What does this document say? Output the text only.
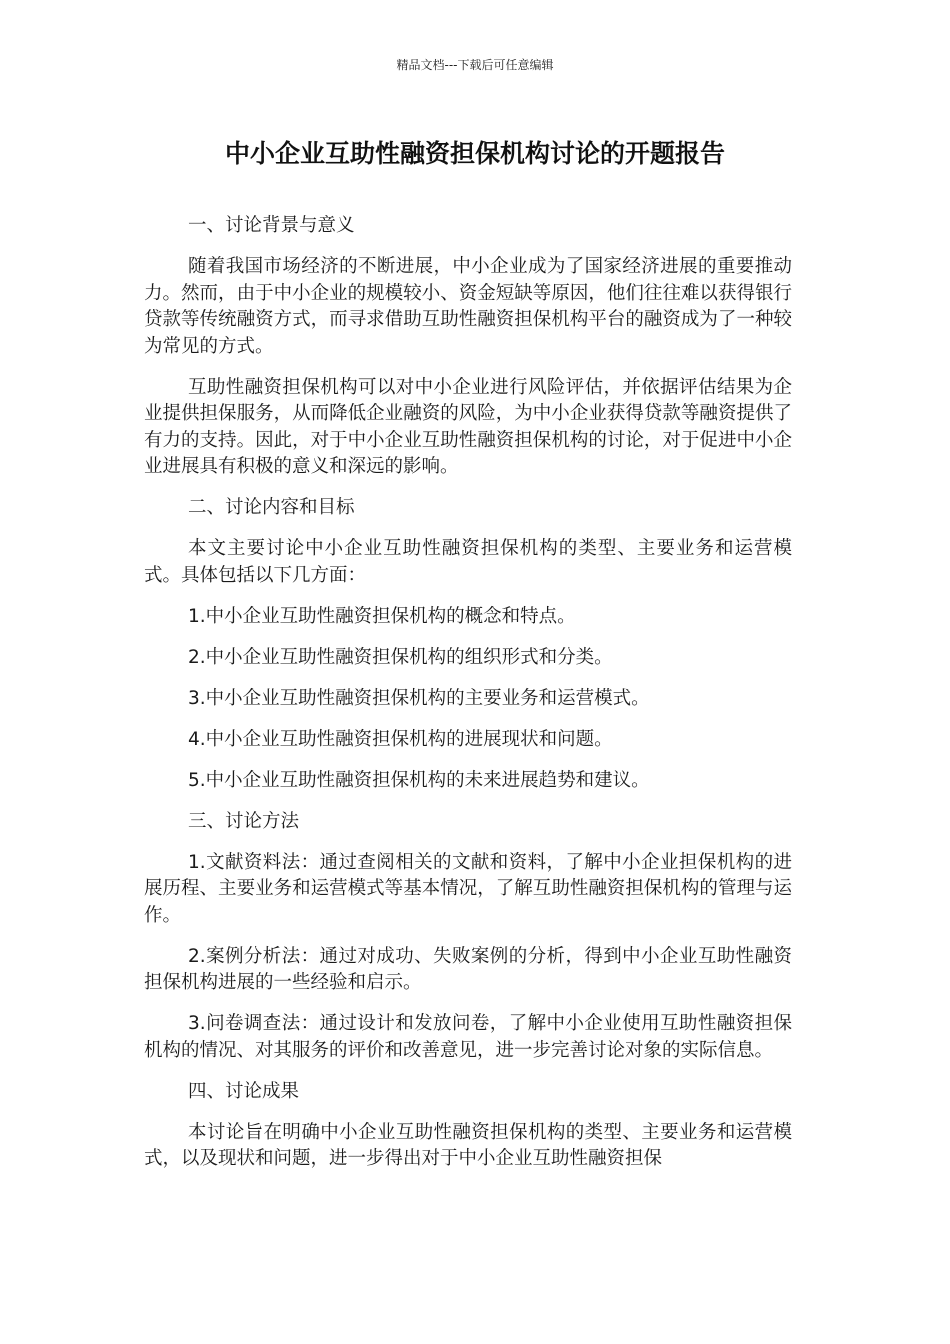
精品文档---下载后可任意编辑
中小企业互助性融资担保机构讨论的开题报告

一、讨论背景与意义

随着我国市场经济的不断进展，中小企业成为了国家经济进展的重要推动力。然而，由于中小企业的规模较小、资金短缺等原因，他们往往难以获得银行贷款等传统融资方式，而寻求借助互助性融资担保机构平台的融资成为了一种较为常见的方式。

互助性融资担保机构可以对中小企业进行风险评估，并依据评估结果为企业提供担保服务，从而降低企业融资的风险，为中小企业获得贷款等融资提供了有力的支持。因此，对于中小企业互助性融资担保机构的讨论，对于促进中小企业进展具有积极的意义和深远的影响。

二、讨论内容和目标

本文主要讨论中小企业互助性融资担保机构的类型、主要业务和运营模式。具体包括以下几方面：

1.中小企业互助性融资担保机构的概念和特点。

2.中小企业互助性融资担保机构的组织形式和分类。

3.中小企业互助性融资担保机构的主要业务和运营模式。

4.中小企业互助性融资担保机构的进展现状和问题。

5.中小企业互助性融资担保机构的未来进展趋势和建议。

三、讨论方法

1.文献资料法：通过查阅相关的文献和资料，了解中小企业担保机构的进展历程、主要业务和运营模式等基本情况，了解互助性融资担保机构的管理与运作。

2.案例分析法：通过对成功、失败案例的分析，得到中小企业互助性融资担保机构进展的一些经验和启示。

3.问卷调查法：通过设计和发放问卷，了解中小企业使用互助性融资担保机构的情况、对其服务的评价和改善意见，进一步完善讨论对象的实际信息。

四、讨论成果

本讨论旨在明确中小企业互助性融资担保机构的类型、主要业务和运营模式，以及现状和问题，进一步得出对于中小企业互助性融资担保
